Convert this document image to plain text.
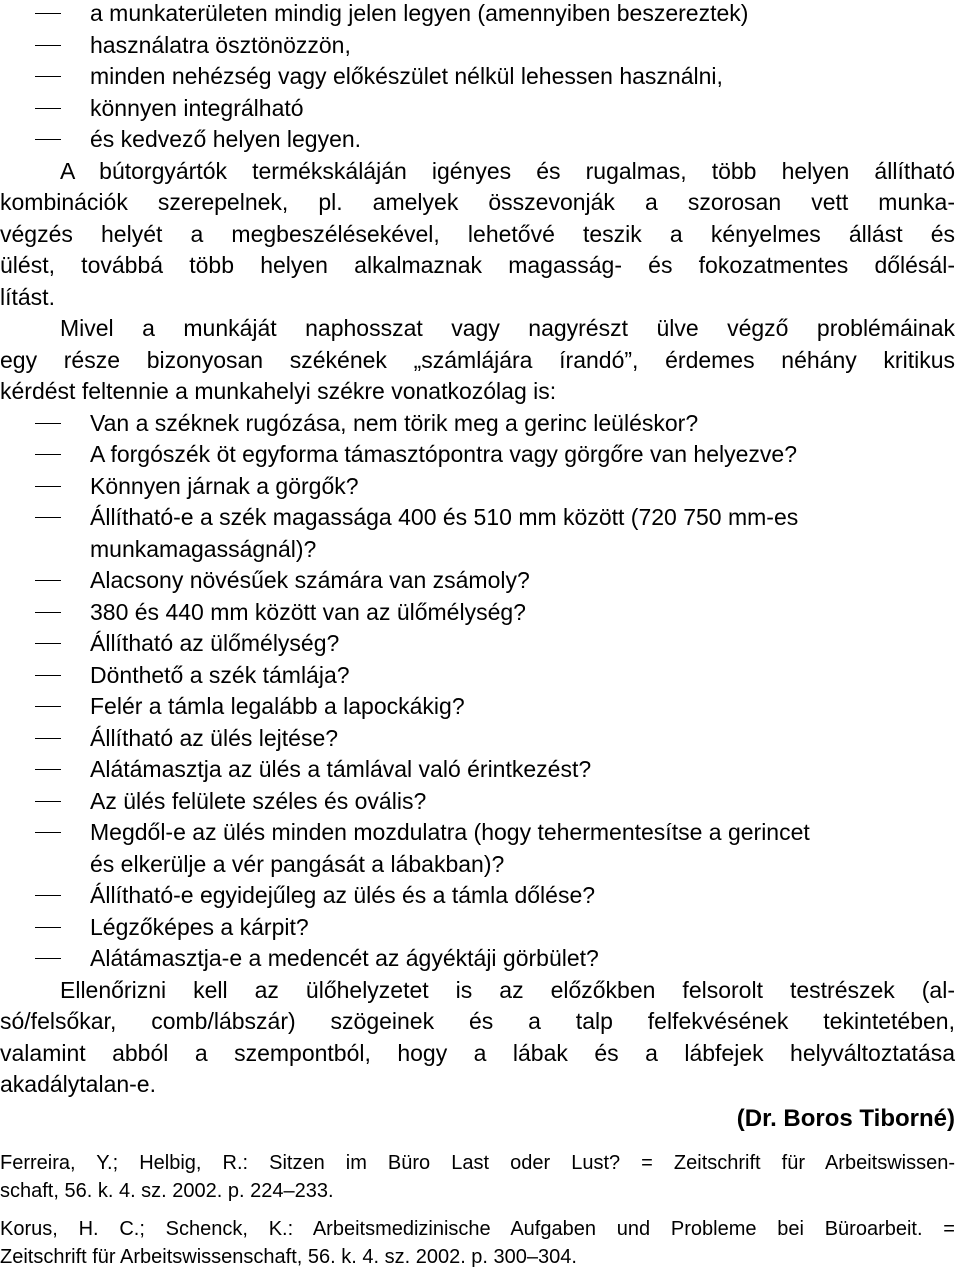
a munkaterületen mindig jelen legyen (amennyiben beszereztek)
használatra ösztönözzön,
minden nehézség vagy előkészület nélkül lehessen használni,
könnyen integrálható
és kedvező helyen legyen.
A bútorgyártók termékskáláján igényes és rugalmas, több helyen állítható
kombinációk szerepelnek, pl. amelyek összevonják a szorosan vett munka-
végzés helyét a megbeszélésekével, lehetővé teszik a kényelmes állást és
ülést, továbbá több helyen alkalmaznak magasság- és fokozatmentes dőlésál-
lítást.
Mivel a munkáját naphosszat vagy nagyrészt ülve végző problémáinak
egy része bizonyosan székének „számlájára írandó”, érdemes néhány kritikus
kérdést feltennie a munkahelyi székre vonatkozólag is:
Van a széknek rugózása, nem törik meg a gerinc leüléskor?
A forgószék öt egyforma támasztópontra vagy görgőre van helyezve?
Könnyen járnak a görgők?
Állítható-e a szék magassága 400 és 510 mm között (720 750 mm-es
munkamagasságnál)?
Alacsony növésűek számára van zsámoly?
380 és 440 mm között van az ülőmélység?
Állítható az ülőmélység?
Dönthető a szék támlája?
Felér a támla legalább a lapockákig?
Állítható az ülés lejtése?
Alátámasztja az ülés a támlával való érintkezést?
Az ülés felülete széles és ovális?
Megdől-e az ülés minden mozdulatra (hogy tehermentesítse a gerincet
és elkerülje a vér pangását a lábakban)?
Állítható-e egyidejűleg az ülés és a támla dőlése?
Légzőképes a kárpit?
Alátámasztja-e a medencét az ágyéktáji görbület?
Ellenőrizni kell az ülőhelyzetet is az előzőkben felsorolt testrészek (al-
só/felsőkar, comb/lábszár) szögeinek és a talp felfekvésének tekintetében,
valamint abból a szempontból, hogy a lábak és a lábfejek helyváltoztatása
akadálytalan-e.
(Dr. Boros Tiborné)
Ferreira, Y.; Helbig, R.: Sitzen im Büro Last oder Lust? = Zeitschrift für Arbeitswissen-
schaft, 56. k. 4. sz. 2002. p. 224–233.
Korus, H. C.; Schenck, K.: Arbeitsmedizinische Aufgaben und Probleme bei Büroarbeit. =
Zeitschrift für Arbeitswissenschaft, 56. k. 4. sz. 2002. p. 300–304.
